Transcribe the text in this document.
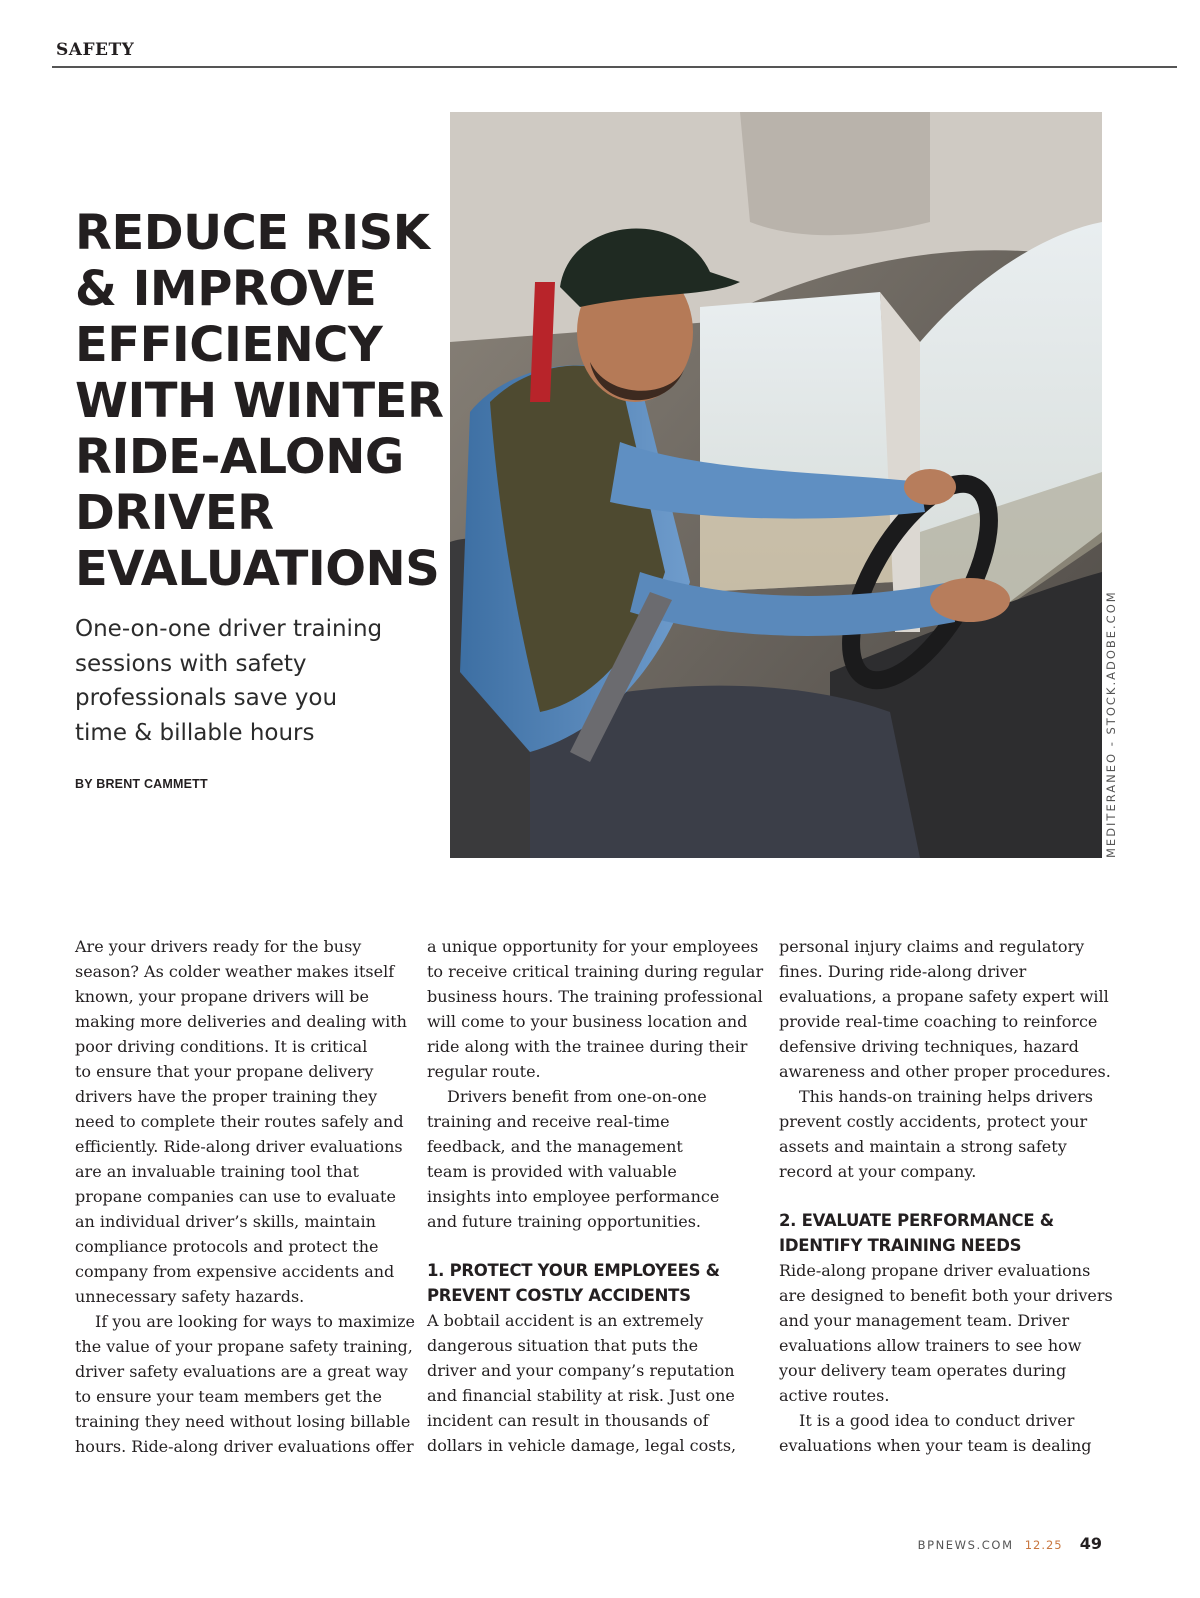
SAFETY
REDUCE RISK
& IMPROVE
EFFICIENCY
WITH WINTER
RIDE-ALONG
DRIVER
EVALUATIONS
One-on-one driver training
sessions with safety
professionals save you
time & billable hours
BY BRENT CAMMETT	MEDITERANEO - STOCK.ADOBE.COM
Are your drivers ready for the busy
season? As colder weather makes itself
known, your propane drivers will be
making more deliveries and dealing with
poor driving conditions. It is critical
to ensure that your propane delivery
drivers have the proper training they
need to complete their routes safely and
efficiently. Ride-along driver evaluations
are an invaluable training tool that
propane companies can use to evaluate
an individual driver’s skills, maintain
compliance protocols and protect the
company from expensive accidents and
unnecessary safety hazards.
If you are looking for ways to maximize
the value of your propane safety training,
driver safety evaluations are a great way
to ensure your team members get the
training they need without losing billable
hours. Ride-along driver evaluations offer
a unique opportunity for your employees
to receive critical training during regular
business hours. The training professional
will come to your business location and
ride along with the trainee during their
regular route.
Drivers benefit from one-on-one
training and receive real-time
feedback, and the management
team is provided with valuable
insights into employee performance
and future training opportunities.
1. PROTECT YOUR EMPLOYEES &
PREVENT COSTLY ACCIDENTS
A bobtail accident is an extremely
dangerous situation that puts the
driver and your company’s reputation
and financial stability at risk. Just one
incident can result in thousands of
dollars in vehicle damage, legal costs,
personal injury claims and regulatory
fines. During ride-along driver
evaluations, a propane safety expert will
provide real-time coaching to reinforce
defensive driving techniques, hazard
awareness and other proper procedures.
This hands-on training helps drivers
prevent costly accidents, protect your
assets and maintain a strong safety
record at your company.
2. EVALUATE PERFORMANCE &
IDENTIFY TRAINING NEEDS
Ride-along propane driver evaluations
are designed to benefit both your drivers
and your management team. Driver
evaluations allow trainers to see how
your delivery team operates during
active routes.
It is a good idea to conduct driver
evaluations when your team is dealing
BPNEWS.COM 12.25 49
